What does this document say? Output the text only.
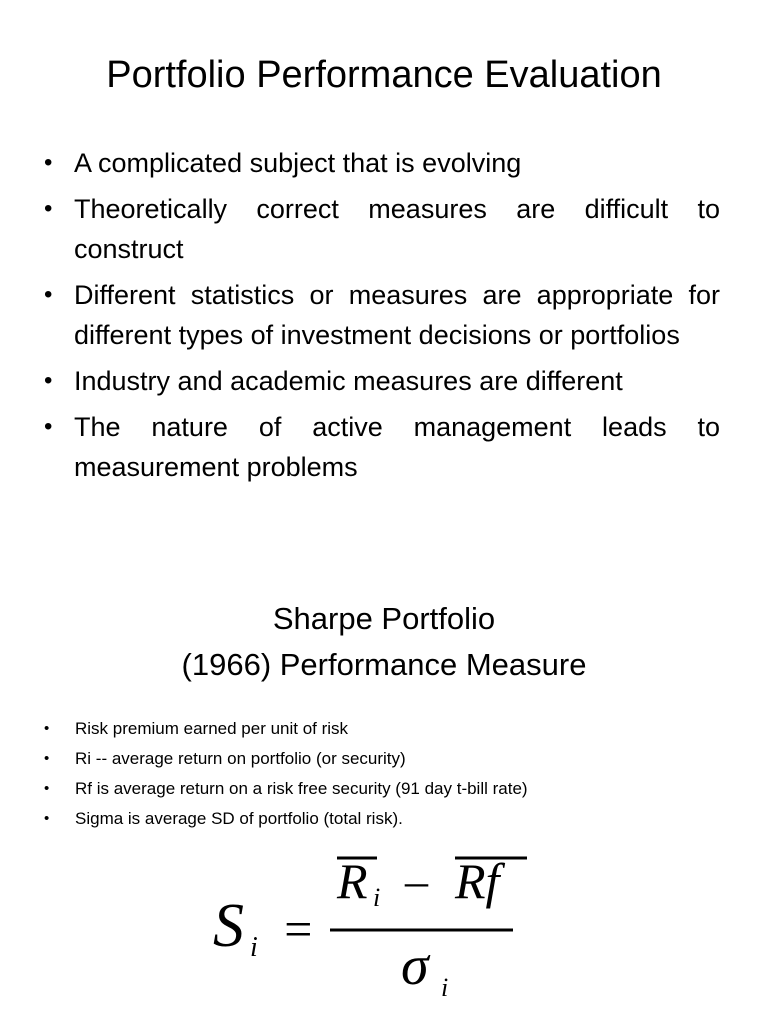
Portfolio Performance Evaluation
• A complicated subject that is evolving
• Theoretically correct measures are difficult to construct
• Different statistics or measures are appropriate for different types of investment decisions or portfolios
• Industry and academic measures are different
• The nature of active management leads to measurement problems
Sharpe Portfolio
(1966) Performance Measure
• Risk premium earned per unit of risk
• Ri -- average return on portfolio (or security)
• Rf is average return on a risk free security (91 day t-bill rate)
• Sigma is average SD of portfolio (total risk).
S i =
R i – Rf
σ i
